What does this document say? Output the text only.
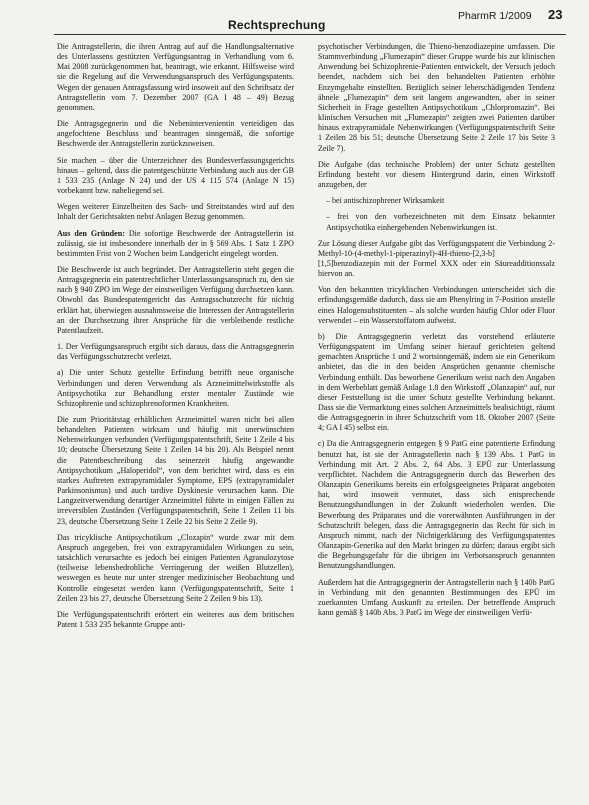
Rechtsprechung
PharmR 1/2009 23

Die Antragstellerin, die ihren Antrag auf auf die Handlungsalternative des Unterlassens gestützten Verfügungsantrag in Verhandlung vom 6. Mai 2008 zurückgenommen hat, beantragt, wie erkannt. Hilfsweise wird sie die Regelung auf die Verwendungsanspruch des Verfügungspatents. Wegen der genauen Antragsfassung wird insoweit auf den Schriftsatz der Antragstellerin vom 7. Dezember 2007 (GA I 48 – 49) Bezug genommen.

Die Antragsgegnerin und die Nebenintervenientin verteidigen das angefochtene Beschluss und beantragen sinngemäß, die sofortige Beschwerde der Antragstellerin zurückzuweisen.

Sie machen – über die Unterzeichner des Bundesverfassungsgerichts hinaus – geltend, dass die patentgeschützte Verbindung auch aus der GB 1 533 235 (Anlage N 24) und der US 4 115 574 (Anlage N 15) vorbekannt bzw. naheliegend sei.

Wegen weiterer Einzelheiten des Sach- und Streitstandes wird auf den Inhalt der Gerichtsakten nebst Anlagen Bezug genommen.

Aus den Gründen: Die sofortige Beschwerde der Antragstellerin ist zulässig, sie ist insbesondere innerhalb der in § 569 Abs. 1 Satz 1 ZPO bestimmten Frist von 2 Wochen beim Landgericht eingelegt worden.

Die Beschwerde ist auch begründet. Der Antragstellerin steht gegen die Antragsgegnerin ein patentrechtlicher Unterlassungsanspruch zu, den sie nach § 940 ZPO im Wege der einstweiligen Verfügung durchsetzen kann. Obwohl das Bundespatentgericht das Antragsschutzrecht für nichtig erklärt hat, überwiegen ausnahmsweise die Interessen der Antragstellerin an der Durchsetzung ihrer Ansprüche für die verbleibende restliche Patentlaufzeit.

1. Der Verfügungsanspruch ergibt sich daraus, dass die Antragsgegnerin das Verfügungsschutzrecht verletzt.

a) Die unter Schutz gestellte Erfindung betrifft neue organische Verbindungen und deren Verwendung als Arzneimittelwirkstoffe als Antipsychotika zur Behandlung erster mentaler Zustände wie Schizophrenie und schizophrenoformen Krankheiten.

Die zum Prioritätstag erhältlichen Arzneimittel waren nicht bei allen behandelten Patienten wirksam und häufig mit unerwünschten Nebenwirkungen verbunden (Verfügungspatentschrift, Seite 1 Zeile 4 bis 10; deutsche Übersetzung Seite 1 Zeilen 14 bis 20). Als Beispiel nennt die Patentbeschreibung das seinerzeit häufig angewandte Antipsychotikum „Haloperidol“, von dem berichtet wird, dass es ein starkes Auftreten extrapyramidaler Symptome, EPS (extrapyramidaler Parkinsonismus) und auch tardive Dyskinesie verursachen kann. Die Langzeitverwendung derartiger Arzneimittel führte in einigen Fällen zu irreversiblen Zuständen (Verfügungspatentschrift, Seite 1 Zeilen 11 bis 23, deutsche Übersetzung Seite 1 Zeile 22 bis Seite 2 Zeile 9).

Das tricyklische Antipsychotikum „Clozapin“ wurde zwar mit dem Anspruch angegeben, frei von extrapyramidalen Wirkungen zu sein, tatsächlich verursachte es jedoch bei einigen Patienten Agranulozytose (teilweise lebensbedrohliche Verringerung der weißen Blutzellen), weswegen es heute nur unter strenger medizinischer Beobachtung und Kontrolle eingesetzt werden kann (Verfügungspatentschrift, Seite 1 Zeilen 23 bis 27, deutsche Übersetzung Seite 2 Zeilen 9 bis 13).

Die Verfügungspatentschrift erörtert ein weiteres aus dem britischen Patent 1 533 235 bekannte Gruppe anti-

psychotischer Verbindungen, die Thieno-benzodiazepine umfassen. Die Stammverbindung „Flumezapin“ dieser Gruppe wurde bis zur klinischen Anwendung bei Schizophrenie-Patienten entwickelt, der Versuch jedoch beendet, nachdem sich bei den behandelten Patienten erhöhte Enzymgehalte einstellten. Bezüglich seiner leberschädigenden Tendenz ähnele „Flumezapin“ dem seit langem angewandten, aber in seiner Sicherheit in Frage gestellten Antipsychotikum „Chlorpromazin“. Bei klinischen Versuchen mit „Flumezapin“ zeigten zwei Patienten darüber hinaus extrapyramidale Nebenwirkungen (Verfügungspatentschrift Seite 1 Zeilen 28 bis 51; deutsche Übersetzung Seite 2 Zeile 17 bis Seite 3 Zeile 7).

Die Aufgabe (das technische Problem) der unter Schutz gestellten Erfindung besteht vor diesem Hintergrund darin, einen Wirkstoff anzugeben, der

– bei antischizophrener Wirksamkeit

– frei von den vorbezeichneten mit dem Einsatz bekannter Antipsychotika einhergehenden Nebenwirkungen ist.

Zur Lösung dieser Aufgabe gibt das Verfügungspatent die Verbindung 2-Methyl-10-(4-methyl-1-piperazinyl)-4H-thieno-[2,3-b][1,5]benzodiazepin mit der Formel XXX oder ein Säureadditionssalz hiervon an.

Von den bekannten tricyklischen Verbindungen unterscheidet sich die erfindungsgemäße dadurch, dass sie am Phenylring in 7-Position anstelle eines Halogensubstituenten – als solche wurden häufig Chlor oder Fluor verwendet – ein Wasserstoffatom aufweist.

b) Die Antragsgegnerin verletzt das vorstehend erläuterte Verfügungspatent im Umfang seiner hierauf gerichteten geltend gemachten Ansprüche 1 und 2 wortsinngemäß, indem sie ein Generikum anbietet, das die in den beiden Ansprüchen genannte chemische Verbindung enthält. Das beworbene Generikum weist nach den Angaben in dem Werbeblatt gemäß Anlage 1.8 den Wirkstoff „Olanzapin“ auf, nur dieser Feststellung ist die unter Schutz gestellte Verbindung bekannt. Dass sie die Vermarktung eines solchen Arzneimittels beabsichtigt, räumt die Antragsgegnerin in ihrer Schutzschrift vom 18. Oktober 2007 (Seite 4; GA I 45) selbst ein.

c) Da die Antragsgegnerin entgegen § 9 PatG eine patentierte Erfindung benutzt hat, ist sie der Antragstellerin nach § 139 Abs. 1 PatG in Verbindung mit Art. 2 Abs. 2, 64 Abs. 3 EPÜ zur Unterlassung verpflichtet. Nachdem die Antragsgegnerin durch das Bewerben des Olanzapin Generikums bereits ein erfolgsgeeignetes Präparat angeboten hat, wird insoweit vermutet, dass sich entsprechende Benutzungshandlungen in der Zukunft wiederholen werden. Die Bewerbung des Präparates und die vorerwähnten Ausführungen in der Schutzschrift belegen, dass die Antragsgegnerin das Recht für sich in Anspruch nimmt, nach der Nichtigerklärung des Verfügungspatentes Olanzapin-Generika auf den Markt bringen zu dürfen; daraus ergibt sich die Begehungsgefahr für die übrigen im Verbotsanspruch genannten Benutzungshandlungen.

Außerdem hat die Antragsgegnerin der Antragstellerin nach § 140b PatG in Verbindung mit den genannten Bestimmungen des EPÜ im zuerkannten Umfang Auskunft zu erteilen. Der betreffende Anspruch kann gemäß § 140b Abs. 3 PatG im Wege der einstweiligen Verfü-
